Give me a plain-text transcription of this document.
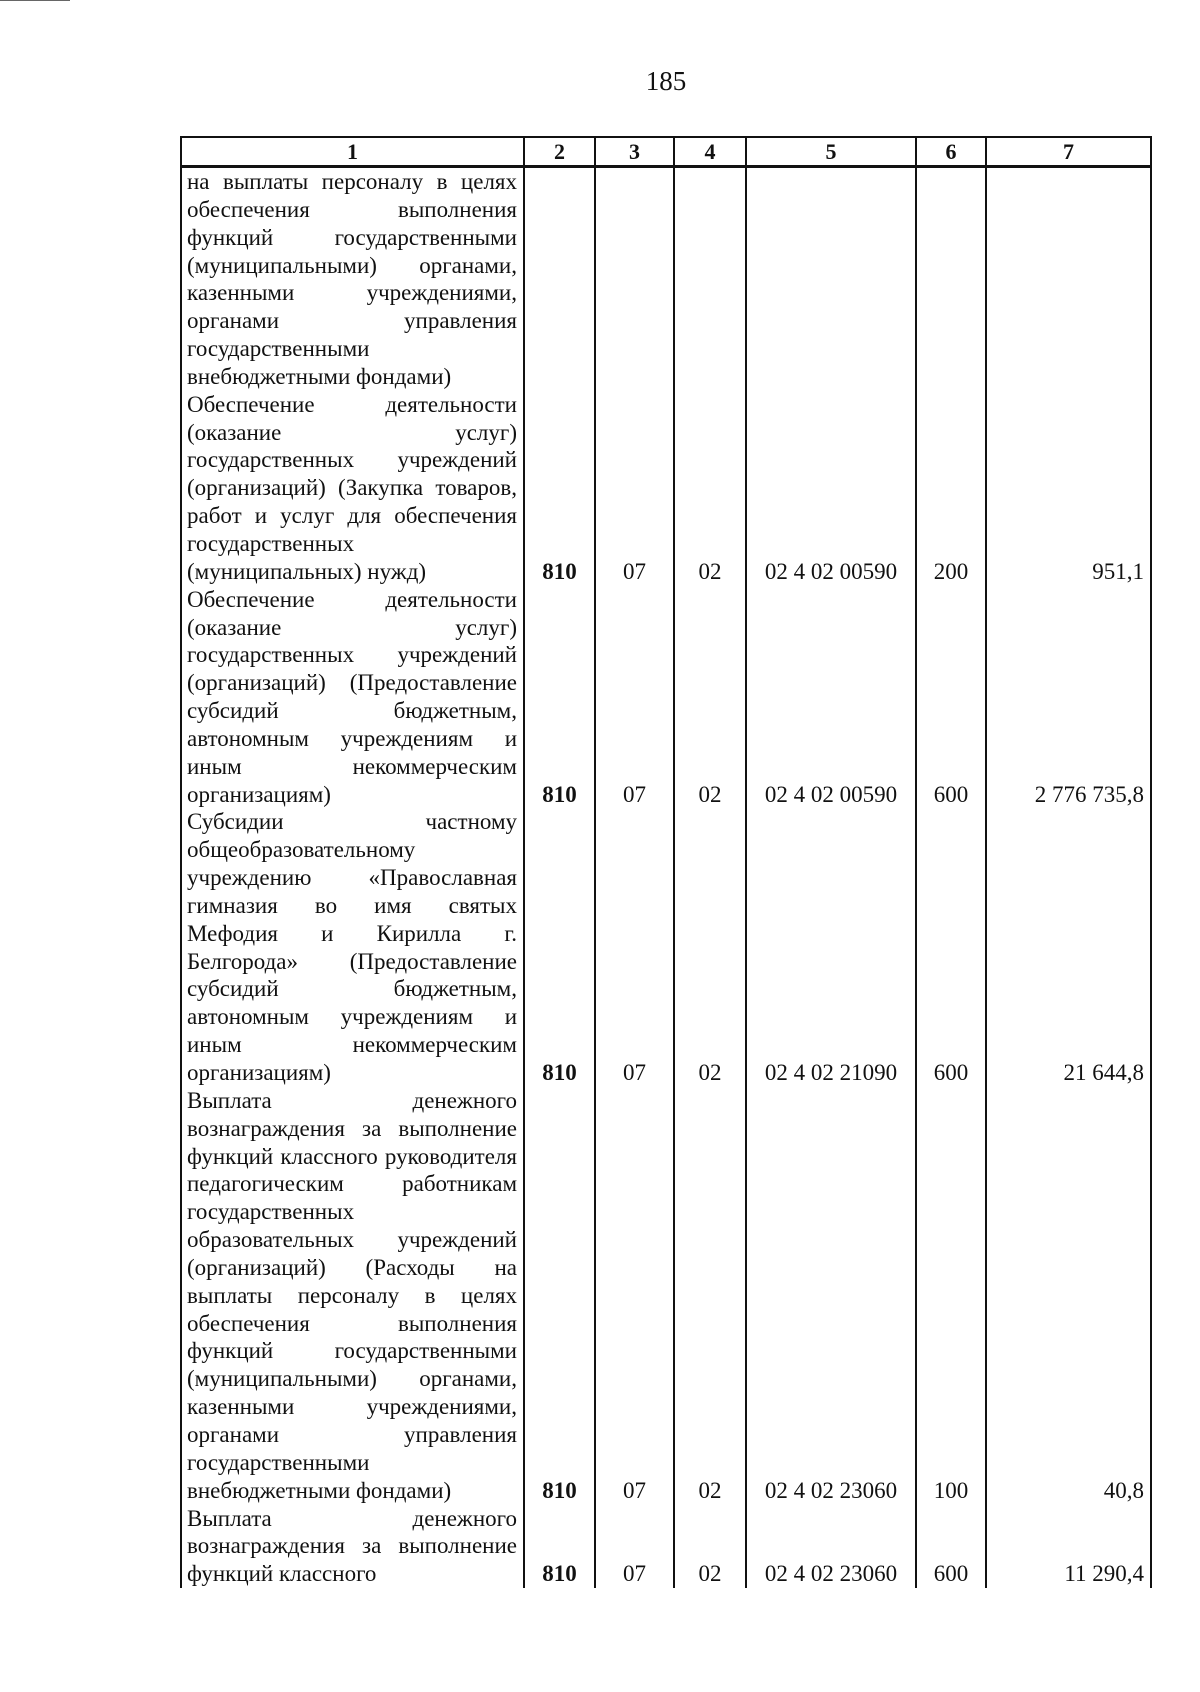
185
1	2	3	4	5	6	7
на выплаты персоналу в целях обеспечения выполнения функций государственными (муниципальными) органами, казенными учреждениями, органами управления государственными внебюджетными фондами)						
Обеспечение деятельности (оказание услуг) государственных учреждений (организаций) (Закупка товаров, работ и услуг для обеспечения государственных (муниципальных) нужд)	810	07	02	02 4 02 00590	200	951,1
Обеспечение деятельности (оказание услуг) государственных учреждений (организаций) (Предоставление субсидий бюджетным, автономным учреждениям и иным некоммерческим организациям)	810	07	02	02 4 02 00590	600	2 776 735,8
Субсидии частному общеобразовательному учреждению «Православная гимназия во имя святых Мефодия и Кирилла г. Белгорода» (Предоставление субсидий бюджетным, автономным учреждениям и иным некоммерческим организациям)	810	07	02	02 4 02 21090	600	21 644,8
Выплата денежного вознаграждения за выполнение функций классного руководителя педагогическим работникам государственных образовательных учреждений (организаций) (Расходы на выплаты персоналу в целях обеспечения выполнения функций государственными (муниципальными) органами, казенными учреждениями, органами управления государственными внебюджетными фондами)	810	07	02	02 4 02 23060	100	40,8
Выплата денежного вознаграждения за выполнение функций классного	810	07	02	02 4 02 23060	600	11 290,4
